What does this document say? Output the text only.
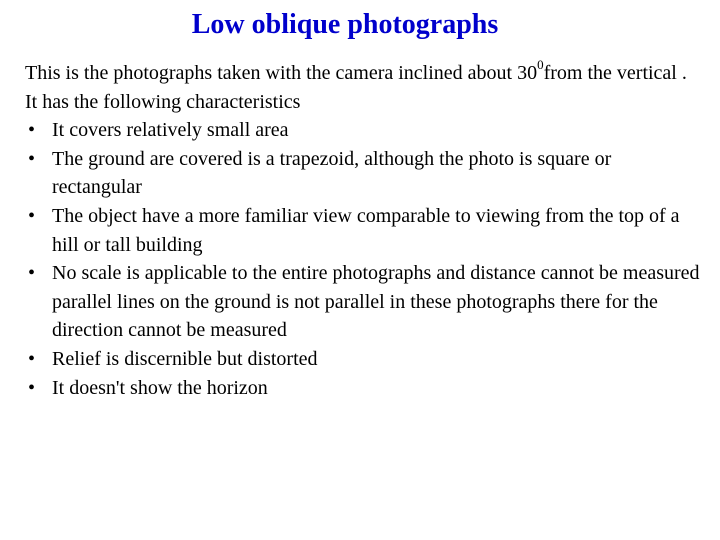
Low oblique photographs

This is the photographs taken with the camera inclined about $30^0from$ the vertical .

It has the following characteristics

• It covers relatively small area
• The ground are covered is a trapezoid, although the photo is square or rectangular
• The object have a more familiar view comparable to viewing from the top of a hill or tall building
• No scale is applicable to the entire photographs and distance cannot be measured parallel lines on the ground is not parallel in these photographs there for the direction cannot be measured
• Relief is discernible but distorted
• It doesn't show the horizon
